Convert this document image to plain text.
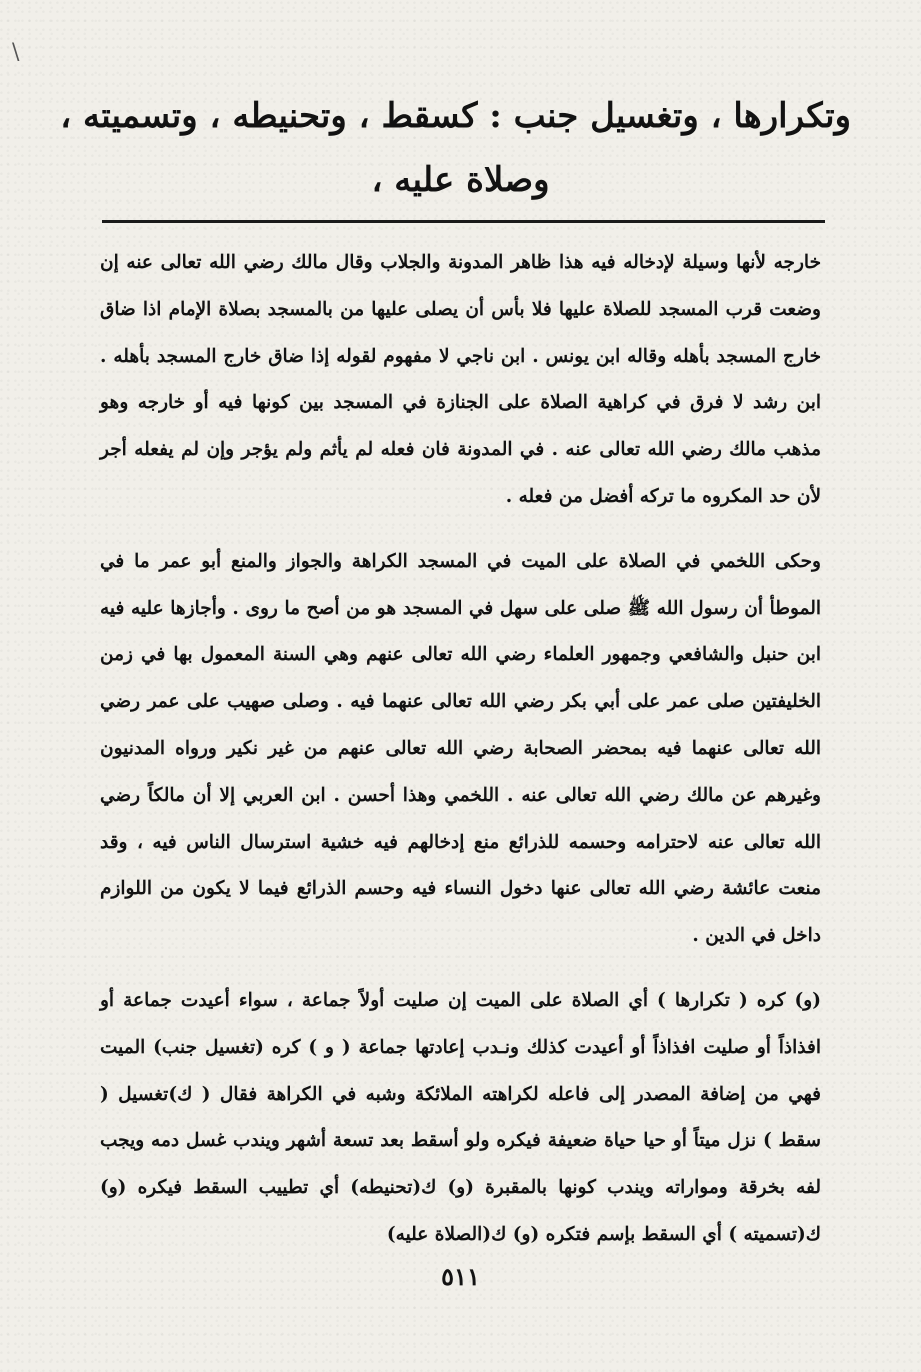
\
وتكرارها ، وتغسيل جنب : كسقط ، وتحنيطه ، وتسميته ،
وصلاة عليه ،

خارجه لأنها وسيلة لإدخاله فيه هذا ظاهر المدونة والجلاب وقال مالك رضي الله تعالى عنه إن وضعت قرب المسجد للصلاة عليها فلا بأس أن يصلى عليها من بالمسجد بصلاة الإمام اذا ضاق خارج المسجد بأهله وقاله ابن يونس . ابن ناجي لا مفهوم لقوله إذا ضاق خارج المسجد بأهله . ابن رشد لا فرق في كراهية الصلاة على الجنازة في المسجد بين كونها فيه أو خارجه وهو مذهب مالك رضي الله تعالى عنه . في المدونة فان فعله لم يأثم ولم يؤجر وإن لم يفعله أجر لأن حد المكروه ما تركه أفضل من فعله .

وحكى اللخمي في الصلاة على الميت في المسجد الكراهة والجواز والمنع أبو عمر ما في الموطأ أن رسول الله ﷺ صلى على سهل في المسجد هو من أصح ما روى . وأجازها عليه فيه ابن حنبل والشافعي وجمهور العلماء رضي الله تعالى عنهم وهي السنة المعمول بها في زمن الخليفتين صلى عمر على أبي بكر رضي الله تعالى عنهما فيه . وصلى صهيب على عمر رضي الله تعالى عنهما فيه بمحضر الصحابة رضي الله تعالى عنهم من غير نكير ورواه المدنيون وغيرهم عن مالك رضي الله تعالى عنه . اللخمي وهذا أحسن . ابن العربي إلا أن مالكاً رضي الله تعالى عنه لاحترامه وحسمه للذرائع منع إدخالهم فيه خشية استرسال الناس فيه ، وقد منعت عائشة رضي الله تعالى عنها دخول النساء فيه وحسم الذرائع فيما لا يكون من اللوازم داخل في الدين .

(و) كره ( تكرارها ) أي الصلاة على الميت إن صليت أولاً جماعة ، سواء أعيدت جماعة أو افذاذاً أو صليت افذاذاً أو أعيدت كذلك ونـدب إعادتها جماعة ( و ) كره (تغسيل جنب) الميت فهي من إضافة المصدر إلى فاعله لكراهته الملائكة وشبه في الكراهة فقال ( ك)تغسيل ( سقط ) نزل ميتاً أو حيا حياة ضعيفة فيكره ولو أسقط بعد تسعة أشهر ويندب غسل دمه ويجب لفه بخرقة ومواراته ويندب كونها بالمقبرة (و) ك(تحنيطه) أي تطييب السقط فيكره (و) ك(تسميته ) أي السقط بإسم فتكره (و) ك(الصلاة عليه)

٥١١
